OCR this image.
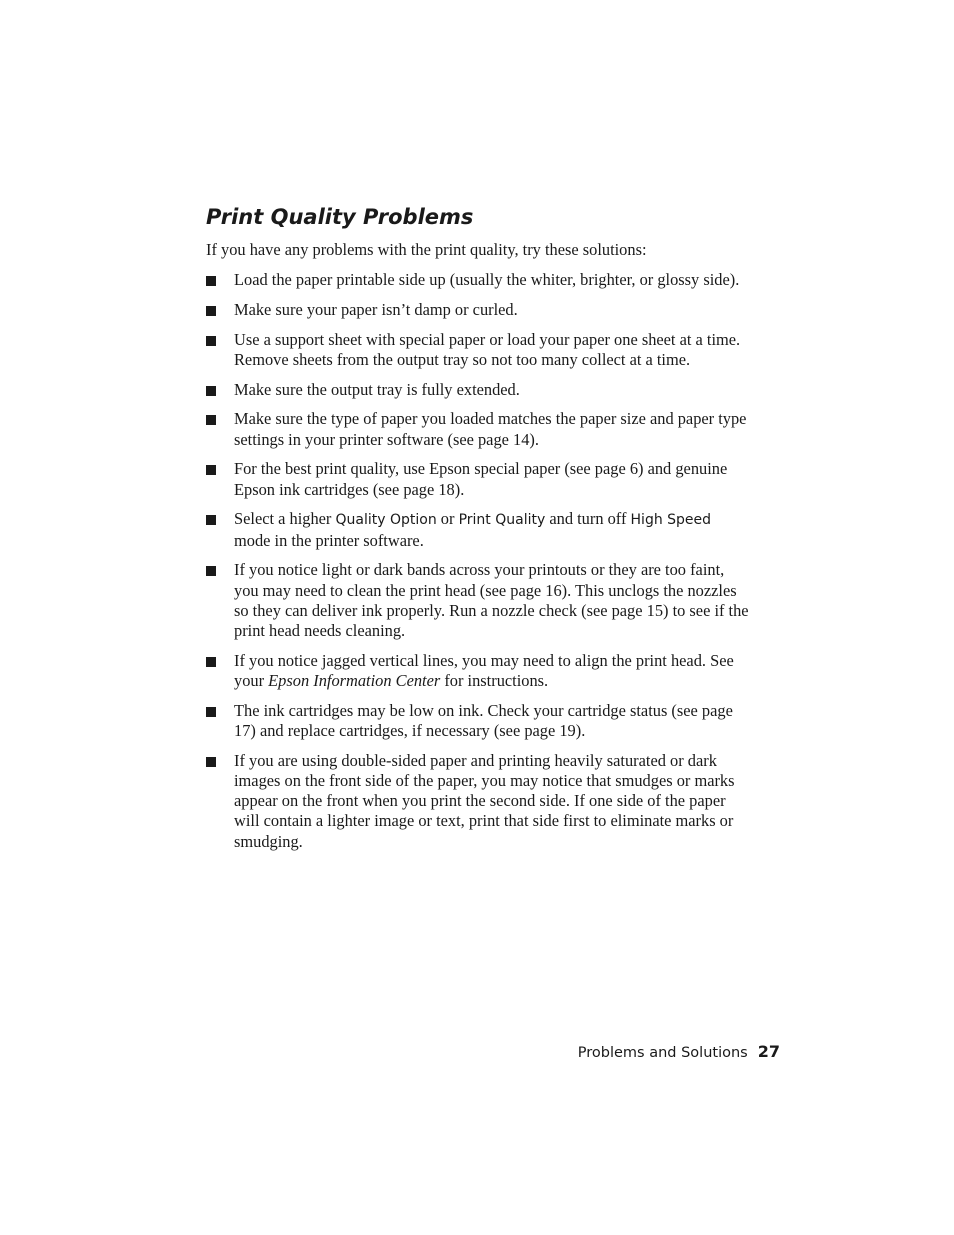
Print Quality Problems

If you have any problems with the print quality, try these solutions:

Load the paper printable side up (usually the whiter, brighter, or glossy side).
Make sure your paper isn’t damp or curled.
Use a support sheet with special paper or load your paper one sheet at a time. Remove sheets from the output tray so not too many collect at a time.
Make sure the output tray is fully extended.
Make sure the type of paper you loaded matches the paper size and paper type settings in your printer software (see page 14).
For the best print quality, use Epson special paper (see page 6) and genuine Epson ink cartridges (see page 18).
Select a higher Quality Option or Print Quality and turn off High Speed mode in the printer software.
If you notice light or dark bands across your printouts or they are too faint, you may need to clean the print head (see page 16). This unclogs the nozzles so they can deliver ink properly. Run a nozzle check (see page 15) to see if the print head needs cleaning.
If you notice jagged vertical lines, you may need to align the print head. See your Epson Information Center for instructions.
The ink cartridges may be low on ink. Check your cartridge status (see page 17) and replace cartridges, if necessary (see page 19).
If you are using double-sided paper and printing heavily saturated or dark images on the front side of the paper, you may notice that smudges or marks appear on the front when you print the second side. If one side of the paper will contain a lighter image or text, print that side first to eliminate marks or smudging.
Problems and Solutions 27
